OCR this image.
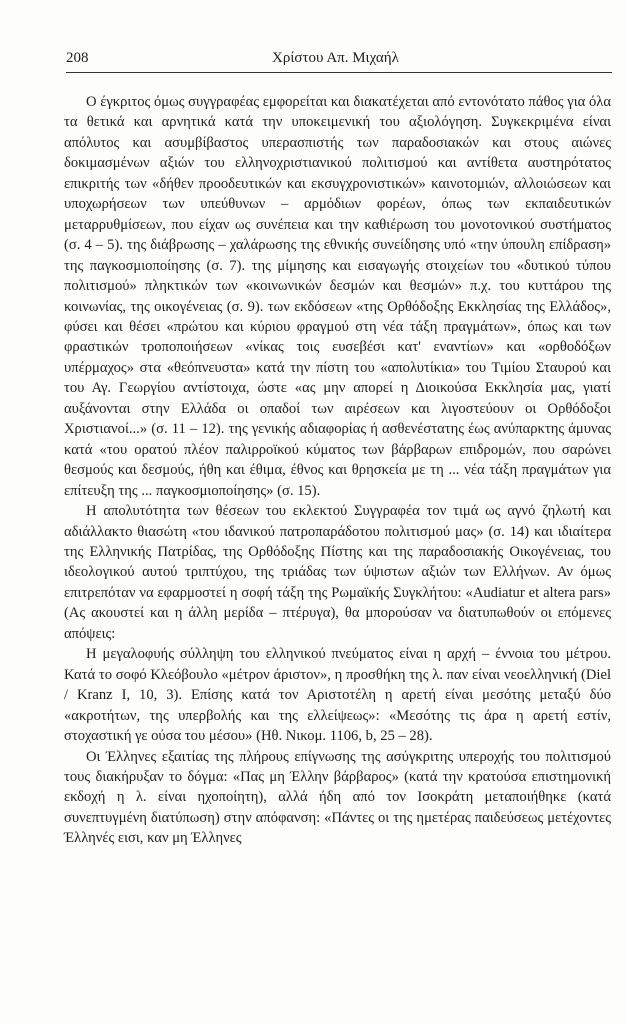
208	Χρίστου Απ. Μιχαήλ

Ο έγκριτος όμως συγγραφέας εμφορείται και διακατέχεται από εντονότατο πάθος για όλα τα θετικά και αρνητικά κατά την υποκειμενική του αξιολόγηση. Συγκεκριμένα είναι απόλυτος και ασυμβίβαστος υπερασπιστής των παραδοσιακών και στους αιώνες δοκιμασμένων αξιών του ελληνοχριστιανικού πολιτισμού και αντίθετα αυστηρότατος επικριτής των «δήθεν προοδευτικών και εκσυγχρονιστικών» καινοτομιών, αλλοιώσεων και υποχωρήσεων των υπεύθυνων – αρμόδιων φορέων, όπως των εκπαιδευτικών μεταρρυθμίσεων, που είχαν ως συνέπεια και την καθιέρωση του μονοτονικού συστήματος (σ. 4 – 5). της διάβρωσης – χαλάρωσης της εθνικής συνείδησης υπό «την ύπουλη επίδραση» της παγκοσμιοποίησης (σ. 7). της μίμησης και εισαγωγής στοιχείων του «δυτικού τύπου πολιτισμού» πληκτικών των «κοινωνικών δεσμών και θεσμών» π.χ. του κυττάρου της κοινωνίας, της οικογένειας (σ. 9). των εκδόσεων «της Ορθόδοξης Εκκλησίας της Ελλάδος», φύσει και θέσει «πρώτου και κύριου φραγμού στη νέα τάξη πραγμάτων», όπως και των φραστικών τροποποιήσεων «νίκας τοις ευσεβέσι κατ' εναντίων» και «ορθοδόξων υπέρμαχος» στα «θεόπνευστα» κατά την πίστη του «απολυτίκια» του Τιμίου Σταυρού και του Αγ. Γεωργίου αντίστοιχα, ώστε «ας μην απορεί η Διοικούσα Εκκλησία μας, γιατί αυξάνονται στην Ελλάδα οι οπαδοί των αιρέσεων και λιγοστεύουν οι Ορθόδοξοι Χριστιανοί...» (σ. 11 – 12). της γενικής αδιαφορίας ή ασθενέστατης έως ανύπαρκτης άμυνας κατά «του ορατού πλέον παλιρροϊκού κύματος των βάρβαρων επιδρομών, που σαρώνει θεσμούς και δεσμούς, ήθη και έθιμα, έθνος και θρησκεία με τη ... νέα τάξη πραγμάτων για επίτευξη της ... παγκοσμιοποίησης» (σ. 15).

Η απολυτότητα των θέσεων του εκλεκτού Συγγραφέα τον τιμά ως αγνό ζηλωτή και αδιάλλακτο θιασώτη «του ιδανικού πατροπαράδοτου πολιτισμού μας» (σ. 14) και ιδιαίτερα της Ελληνικής Πατρίδας, της Ορθόδοξης Πίστης και της παραδοσιακής Οικογένειας, του ιδεολογικού αυτού τριπτύχου, της τριάδας των ύψιστων αξιών των Ελλήνων. Αν όμως επιτρεπόταν να εφαρμοστεί η σοφή τάξη της Ρωμαϊκής Συγκλήτου: «Audiatur et altera pars» (Ας ακουστεί και η άλλη μερίδα – πτέρυγα), θα μπορούσαν να διατυπωθούν οι επόμενες απόψεις:

Η μεγαλοφυής σύλληψη του ελληνικού πνεύματος είναι η αρχή – έννοια του μέτρου. Κατά το σοφό Κλεόβουλο «μέτρον άριστον», η προσθήκη της λ. παν είναι νεοελληνική (Diel / Kranz I, 10, 3). Επίσης κατά τον Αριστοτέλη η αρετή είναι μεσότης μεταξύ δύο «ακροτήτων, της υπερβολής και της ελλείψεως»: «Μεσότης τις άρα η αρετή εστίν, στοχαστική γε ούσα του μέσου» (Ηθ. Νικομ. 1106, b, 25 – 28).

Οι Έλληνες εξαιτίας της πλήρους επίγνωσης της ασύγκριτης υπεροχής του πολιτισμού τους διακήρυξαν το δόγμα: «Πας μη Έλλην βάρβαρος» (κατά την κρατούσα επιστημονική εκδοχή η λ. είναι ηχοποίητη), αλλά ήδη από τον Ισοκράτη μεταποιήθηκε (κατά συνεπτυγμένη διατύπωση) στην απόφανση: «Πάντες οι της ημετέρας παιδεύσεως μετέχοντες Έλληνές εισι, καν μη Έλληνες
